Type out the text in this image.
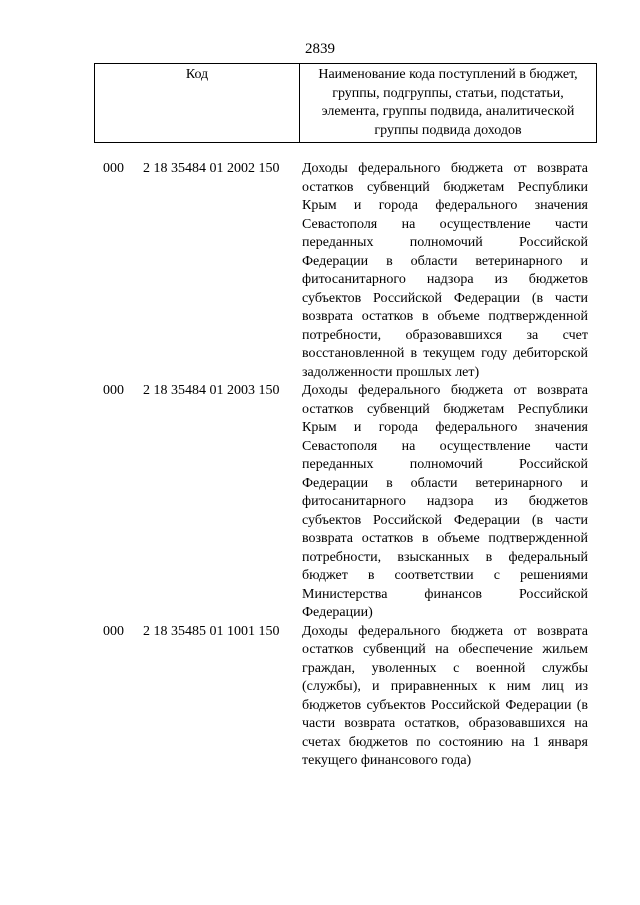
2839
Код	Наименование кода поступлений в бюджет, группы, подгруппы, статьи, подстатьи, элемента, группы подвида, аналитической группы подвида доходов
000 2 18 35484 01 2002 150 Доходы федерального бюджета от возврата остатков субвенций бюджетам Республики Крым и города федерального значения Севастополя на осуществление части переданных полномочий Российской Федерации в области ветеринарного и фитосанитарного надзора из бюджетов субъектов Российской Федерации (в части возврата остатков в объеме подтвержденной потребности, образовавшихся за счет восстановленной в текущем году дебиторской задолженности прошлых лет)
000 2 18 35484 01 2003 150 Доходы федерального бюджета от возврата остатков субвенций бюджетам Республики Крым и города федерального значения Севастополя на осуществление части переданных полномочий Российской Федерации в области ветеринарного и фитосанитарного надзора из бюджетов субъектов Российской Федерации (в части возврата остатков в объеме подтвержденной потребности, взысканных в федеральный бюджет в соответствии с решениями Министерства финансов Российской Федерации)
000 2 18 35485 01 1001 150 Доходы федерального бюджета от возврата остатков субвенций на обеспечение жильем граждан, уволенных с военной службы (службы), и приравненных к ним лиц из бюджетов субъектов Российской Федерации (в части возврата остатков, образовавшихся на счетах бюджетов по состоянию на 1 января текущего финансового года)
